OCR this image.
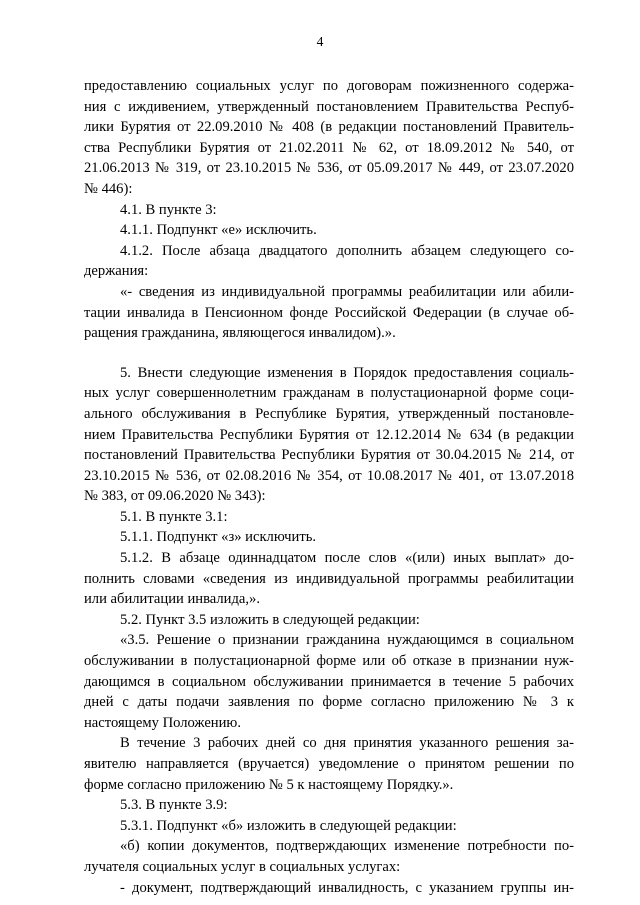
4
предоставлению социальных услуг по договорам пожизненного содержа-
ния с иждивением, утвержденный постановлением Правительства Респуб-
лики Бурятия от 22.09.2010 № 408 (в редакции постановлений Правитель-
ства Республики Бурятия от 21.02.2011 № 62, от 18.09.2012 № 540, от
21.06.2013 № 319, от 23.10.2015 № 536, от 05.09.2017 № 449, от 23.07.2020
№ 446):
4.1. В пункте 3:
4.1.1. Подпункт «е» исключить.
4.1.2. После абзаца двадцатого дополнить абзацем следующего со-
держания:
«- сведения из индивидуальной программы реабилитации или абили-
тации инвалида в Пенсионном фонде Российской Федерации (в случае об-
ращения гражданина, являющегося инвалидом).».
5. Внести следующие изменения в Порядок предоставления социаль-
ных услуг совершеннолетним гражданам в полустационарной форме соци-
ального обслуживания в Республике Бурятия, утвержденный постановле-
нием Правительства Республики Бурятия от 12.12.2014 № 634 (в редакции
постановлений Правительства Республики Бурятия от 30.04.2015 № 214, от
23.10.2015 № 536, от 02.08.2016 № 354, от 10.08.2017 № 401, от 13.07.2018
№ 383, от 09.06.2020 № 343):
5.1. В пункте 3.1:
5.1.1. Подпункт «з» исключить.
5.1.2. В абзаце одиннадцатом после слов «(или) иных выплат» до-
полнить словами «сведения из индивидуальной программы реабилитации
или абилитации инвалида,».
5.2. Пункт 3.5 изложить в следующей редакции:
«3.5. Решение о признании гражданина нуждающимся в социальном
обслуживании в полустационарной форме или об отказе в признании нуж-
дающимся в социальном обслуживании принимается в течение 5 рабочих
дней с даты подачи заявления по форме согласно приложению № 3 к
настоящему Положению.
В течение 3 рабочих дней со дня принятия указанного решения за-
явителю направляется (вручается) уведомление о принятом решении по
форме согласно приложению № 5 к настоящему Порядку.».
5.3. В пункте 3.9:
5.3.1. Подпункт «б» изложить в следующей редакции:
«б) копии документов, подтверждающих изменение потребности по-
лучателя социальных услуг в социальных услугах:
- документ, подтверждающий инвалидность, с указанием группы ин-
